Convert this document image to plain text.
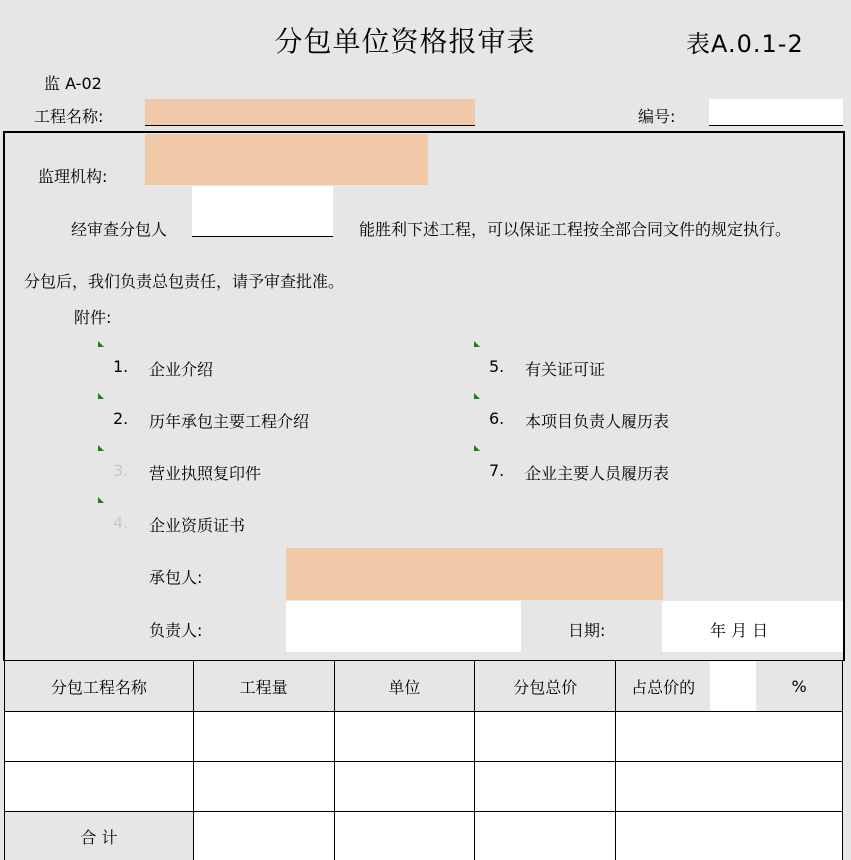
分包单位资格报审表	表A.0.1-2
监 A-02
工程名称:	编号:
监理机构:
经审查分包人	能胜利下述工程，可以保证工程按全部合同文件的规定执行。
分包后，我们负责总包责任，请予审查批准。
附件:
1. 企业介绍
2. 历年承包主要工程介绍
3. 营业执照复印件
4. 企业资质证书
5. 有关证可证
6. 本项目负责人履历表
7. 企业主要人员履历表
承包人:
负责人:	日期:	年 月 日
分包工程名称	工程量	单位	分包总价	占总价的 %

合 计				
